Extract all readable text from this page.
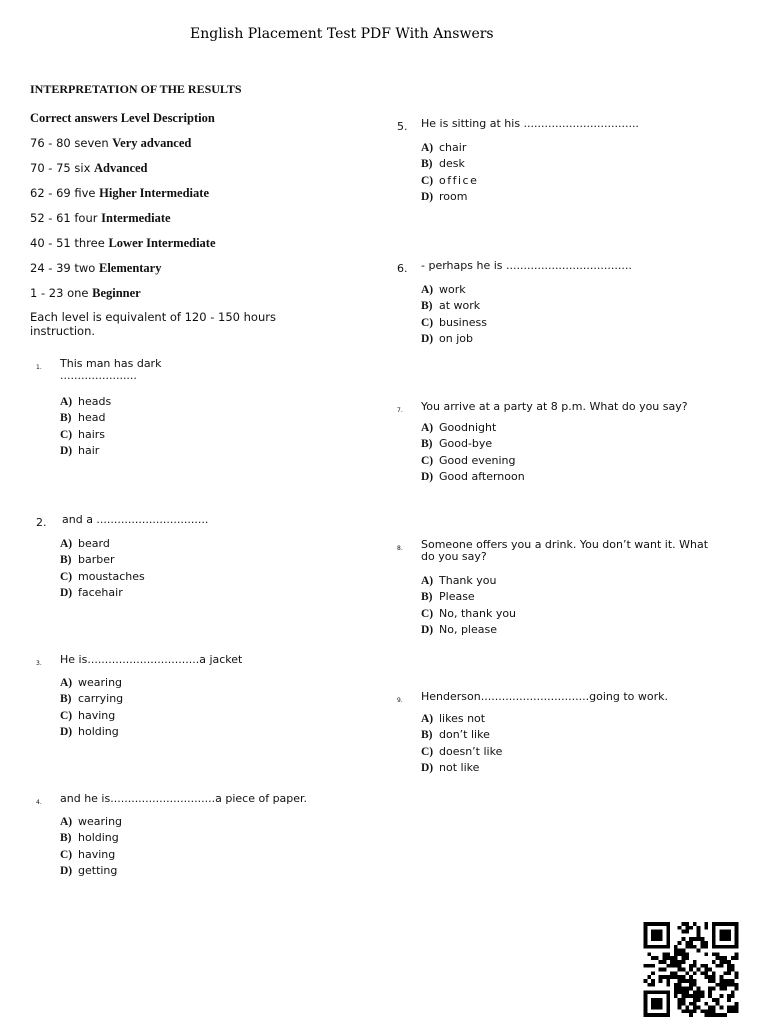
English Placement Test PDF With Answers
INTERPRETATION OF THE RESULTS
Correct answers Level Description
76 - 80 seven Very advanced
70 - 75 six Advanced
62 - 69 five Higher Intermediate
52 - 61 four Intermediate
40 - 51 three Lower Intermediate
24 - 39 two Elementary
1 - 23 one Beginner
Each level is equivalent of 120 - 150 hours instruction.
1. This man has dark ......................
A) heads
B) head
C) hairs
D) hair
2. and a ................................
A) beard
B) barber
C) moustaches
D) facehair
3. He is................................a jacket
A) wearing
B) carrying
C) having
D) holding
4. and he is..............................a piece of paper.
A) wearing
B) holding
C) having
D) getting
5. He is sitting at his .................................
A) chair
B) desk
C) office
D) room
6. - perhaps he is ....................................
A) work
B) at work
C) business
D) on job
7. You arrive at a party at 8 p.m. What do you say?
A) Goodnight
B) Good-bye
C) Good evening
D) Good afternoon
8. Someone offers you a drink. You don’t want it. What do you say?
A) Thank you
B) Please
C) No, thank you
D) No, please
9. Henderson...............................going to work.
A) likes not
B) don’t like
C) doesn’t like
D) not like
